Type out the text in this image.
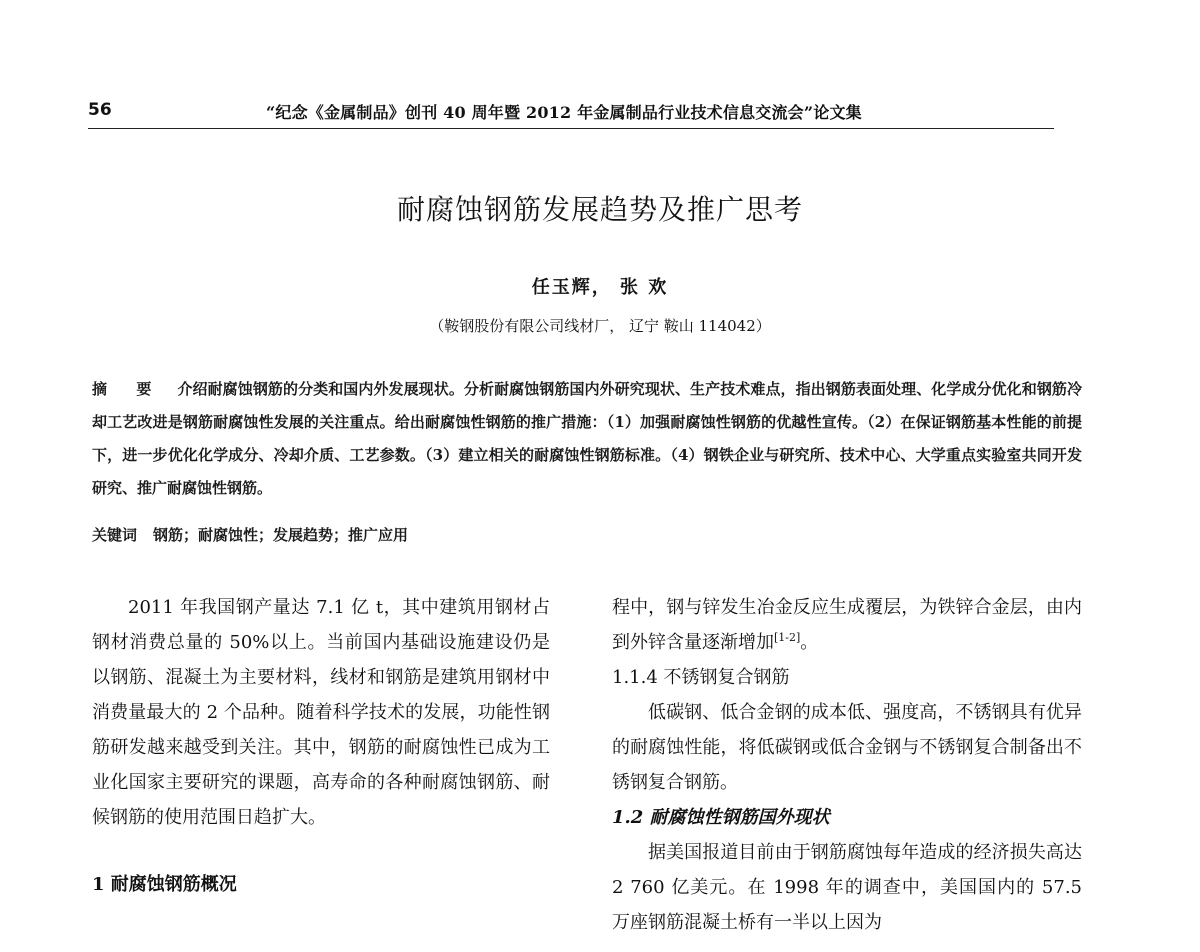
56	“纪念《金属制品》创刊 40 周年暨 2012 年金属制品行业技术信息交流会”论文集
耐腐蚀钢筋发展趋势及推广思考
任玉辉， 张 欢
（鞍钢股份有限公司线材厂， 辽宁 鞍山 114042）
摘 要 介绍耐腐蚀钢筋的分类和国内外发展现状。分析耐腐蚀钢筋国内外研究现状、生产技术难点，指出钢筋表面处理、化学成分优化和钢筋冷却工艺改进是钢筋耐腐蚀性发展的关注重点。给出耐腐蚀性钢筋的推广措施：（1）加强耐腐蚀性钢筋的优越性宣传。（2）在保证钢筋基本性能的前提下，进一步优化化学成分、冷却介质、工艺参数。（3）建立相关的耐腐蚀性钢筋标准。（4）钢铁企业与研究所、技术中心、大学重点实验室共同开发研究、推广耐腐蚀性钢筋。
关键词 钢筋；耐腐蚀性；发展趋势；推广应用

2011 年我国钢产量达 7.1 亿 t，其中建筑用钢材占钢材消费总量的 50%以上。当前国内基础设施建设仍是以钢筋、混凝土为主要材料，线材和钢筋是建筑用钢材中消费量最大的 2 个品种。随着科学技术的发展，功能性钢筋研发越来越受到关注。其中，钢筋的耐腐蚀性已成为工业化国家主要研究的课题，高寿命的各种耐腐蚀钢筋、耐候钢筋的使用范围日趋扩大。

1 耐腐蚀钢筋概况

程中，钢与锌发生冶金反应生成覆层，为铁锌合金层，由内到外锌含量逐渐增加[1-2]。

1.1.4 不锈钢复合钢筋

低碳钢、低合金钢的成本低、强度高，不锈钢具有优异的耐腐蚀性能，将低碳钢或低合金钢与不锈钢复合制备出不锈钢复合钢筋。

1.2 耐腐蚀性钢筋国外现状

据美国报道目前由于钢筋腐蚀每年造成的经济损失高达 2 760 亿美元。在 1998 年的调查中，美国国内的 57.5 万座钢筋混凝土桥有一半以上因为
